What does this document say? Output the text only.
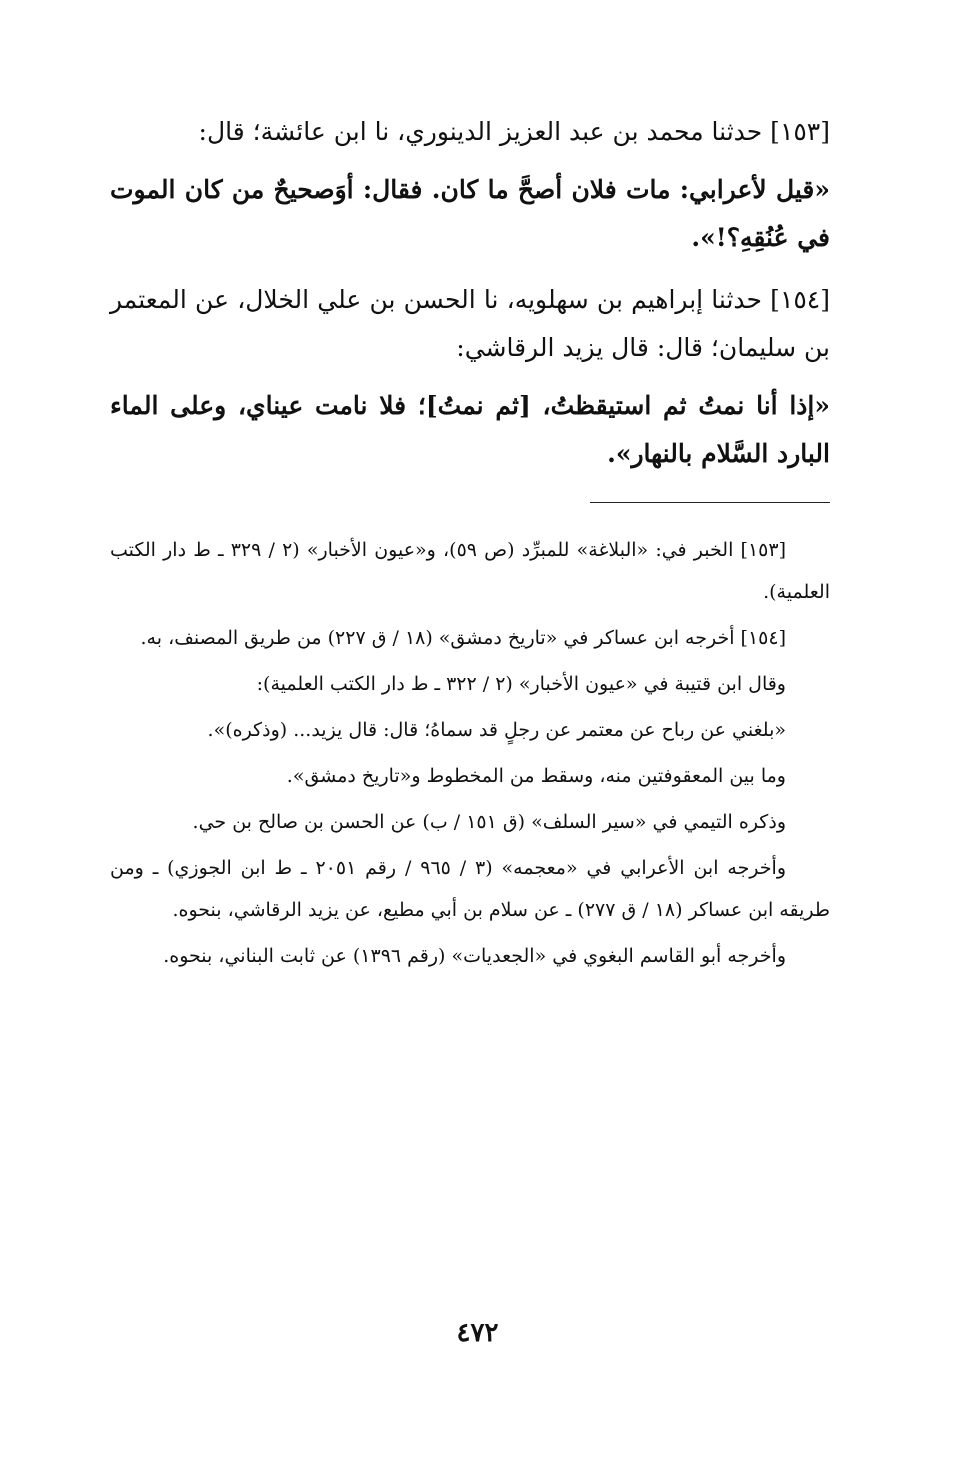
[١٥٣] حدثنا محمد بن عبد العزيز الدينوري، نا ابن عائشة؛ قال:

«قيل لأعرابي: مات فلان أصحَّ ما كان. فقال: أوَصحيحٌ من كان الموت في عُنُقِهِ؟!».

[١٥٤] حدثنا إبراهيم بن سهلويه، نا الحسن بن علي الخلال، عن المعتمر بن سليمان؛ قال: قال يزيد الرقاشي:

«إذا أنا نمتُ ثم استيقظتُ، [ثم نمتُ]؛ فلا نامت عيناي، وعلى الماء البارد السَّلام بالنهار».

[١٥٣] الخبر في: «البلاغة» للمبرِّد (ص ٥٩)، و«عيون الأخبار» (٢ / ٣٢٩ ـ ط دار الكتب العلمية).

[١٥٤] أخرجه ابن عساكر في «تاريخ دمشق» (١٨ / ق ٢٢٧) من طريق المصنف، به.

وقال ابن قتيبة في «عيون الأخبار» (٢ / ٣٢٢ ـ ط دار الكتب العلمية):

«بلغني عن رباح عن معتمر عن رجلٍ قد سماهُ؛ قال: قال يزيد... (وذكره)».

وما بين المعقوفتين منه، وسقط من المخطوط و«تاريخ دمشق».

وذكره التيمي في «سير السلف» (ق ١٥١ / ب) عن الحسن بن صالح بن حي.

وأخرجه ابن الأعرابي في «معجمه» (٣ / ٩٦٥ / رقم ٢٠٥١ ـ ط ابن الجوزي) ـ ومن طريقه ابن عساكر (١٨ / ق ٢٧٧) ـ عن سلام بن أبي مطيع، عن يزيد الرقاشي، بنحوه.

وأخرجه أبو القاسم البغوي في «الجعديات» (رقم ١٣٩٦) عن ثابت البناني، بنحوه.

٤٧٢
